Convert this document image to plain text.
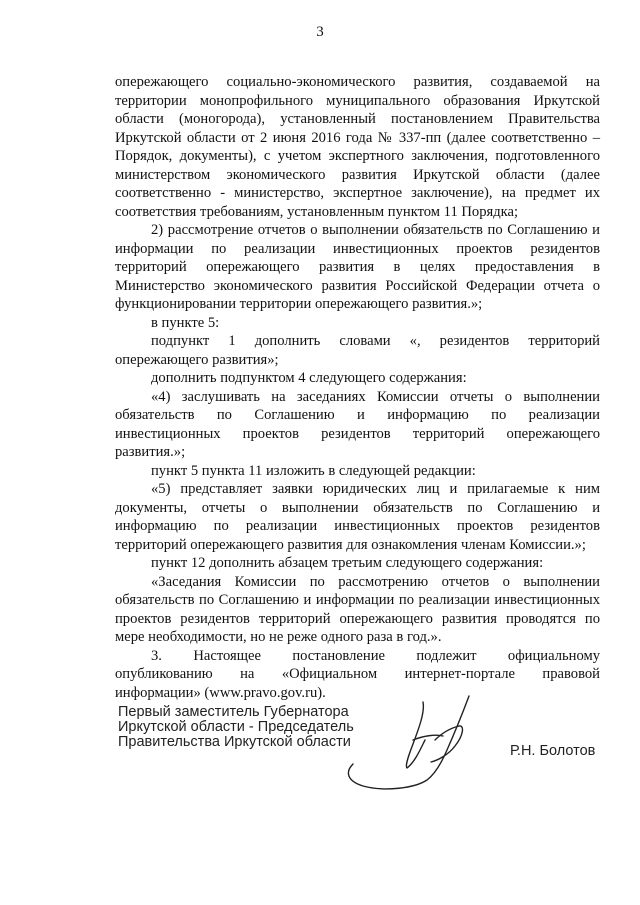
3
опережающего социально-экономического развития, создаваемой на
территории монопрофильного муниципального образования Иркутской
области (моногорода), установленный постановлением Правительства
Иркутской области от 2 июня 2016 года № 337-пп (далее соответственно –
Порядок, документы), с учетом экспертного заключения, подготовленного
министерством экономического развития Иркутской области (далее
соответственно - министерство, экспертное заключение), на предмет их
соответствия требованиям, установленным пунктом 11 Порядка;
2) рассмотрение отчетов о выполнении обязательств по Соглашению и
информации по реализации инвестиционных проектов резидентов
территорий опережающего развития в целях предоставления в
Министерство экономического развития Российской Федерации отчета о
функционировании территории опережающего развития.»;
в пункте 5:
подпункт 1 дополнить словами «, резидентов территорий
опережающего развития»;
дополнить подпунктом 4 следующего содержания:
«4) заслушивать на заседаниях Комиссии отчеты о выполнении
обязательств по Соглашению и информацию по реализации
инвестиционных проектов резидентов территорий опережающего
развития.»;
пункт 5 пункта 11 изложить в следующей редакции:
«5) представляет заявки юридических лиц и прилагаемые к ним
документы, отчеты о выполнении обязательств по Соглашению и
информацию по реализации инвестиционных проектов резидентов
территорий опережающего развития для ознакомления членам Комиссии.»;
пункт 12 дополнить абзацем третьим следующего содержания:
«Заседания Комиссии по рассмотрению отчетов о выполнении
обязательств по Соглашению и информации по реализации инвестиционных
проектов резидентов территорий опережающего развития проводятся по
мере необходимости, но не реже одного раза в год.».
3. Настоящее постановление подлежит официальному
опубликованию на «Официальном интернет-портале правовой
информации» (www.pravo.gov.ru).
Первый заместитель Губернатора
Иркутской области - Председатель
Правительства Иркутской области
Р.Н. Болотов
